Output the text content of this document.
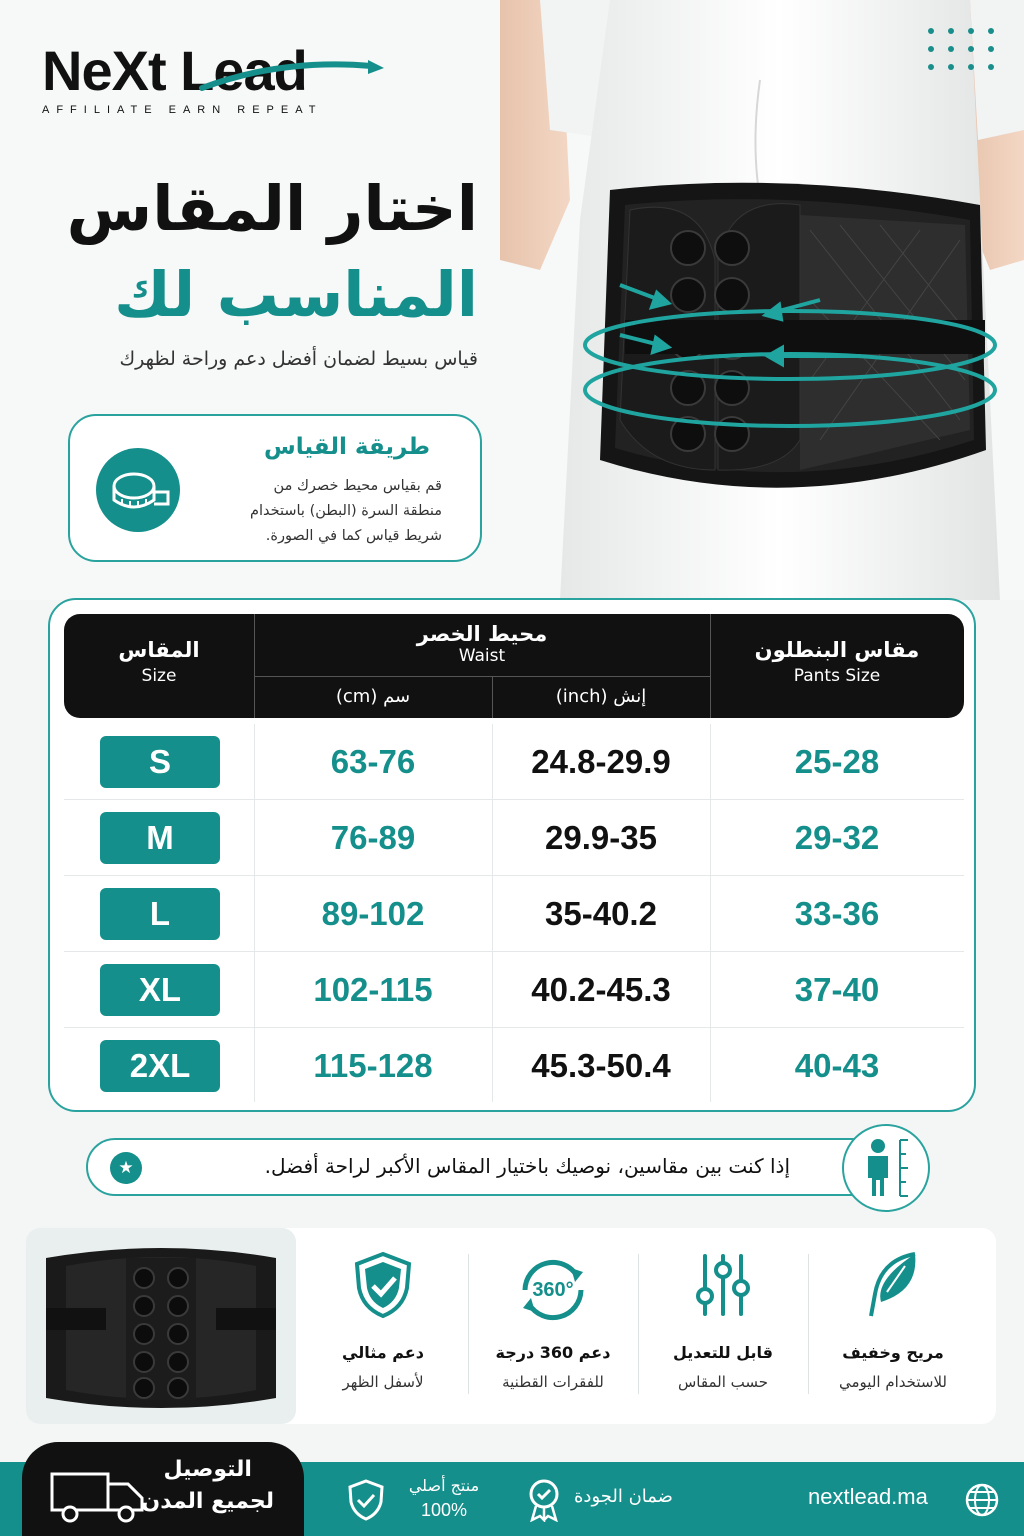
NeXt Lead
AFFILIATE EARN REPEAT
اختار المقاس
المناسب لك
قياس بسيط لضمان أفضل دعم وراحة لظهرك
طريقة القياس
قم بقياس محيط خصرك من
منطقة السرة (البطن) باستخدام
شريط قياس كما في الصورة.
المقاس
Size
محيط الخصر
Waist
سم (cm)	إنش (inch)
مقاس البنطلون
Pants Size
S	63-76	24.8-29.9	25-28
M	76-89	29.9-35	29-32
L	89-102	35-40.2	33-36
XL	102-115	40.2-45.3	37-40
2XL	115-128	45.3-50.4	40-43
★	إذا كنت بين مقاسين، نوصيك باختيار المقاس الأكبر لراحة أفضل.
دعم مثالي
لأسفل الظهر
360°
دعم 360 درجة
للفقرات القطنية
قابل للتعديل
حسب المقاس
مريح وخفيف
للاستخدام اليومي
منتج أصلي
100%
ضمان الجودة	nextlead.ma
التوصيل
لجميع المدن
